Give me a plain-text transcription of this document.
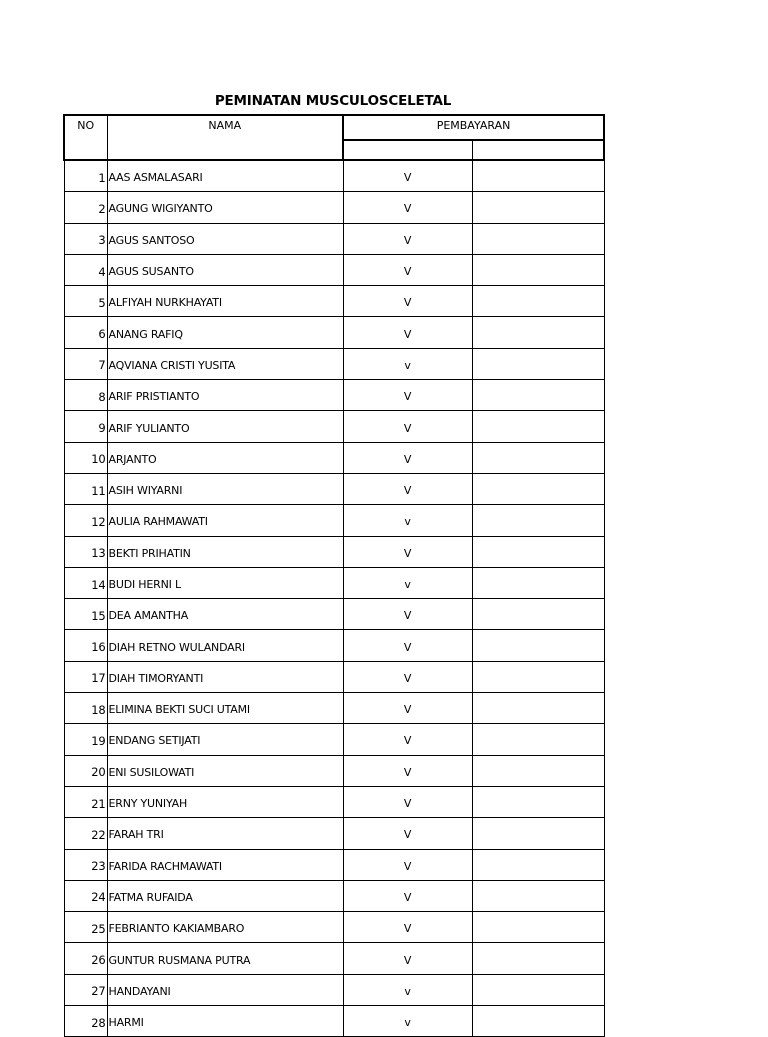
PEMINATAN MUSCULOSCELETAL
NO	NAMA	PEMBAYARAN	

1	AAS ASMALASARI	V	
2	AGUNG WIGIYANTO	V	
3	AGUS SANTOSO	V	
4	AGUS SUSANTO	V	
5	ALFIYAH NURKHAYATI	V	
6	ANANG RAFIQ	V	
7	AQVIANA CRISTI YUSITA	v	
8	ARIF PRISTIANTO	V	
9	ARIF YULIANTO	V	
10	ARJANTO	V	
11	ASIH WIYARNI	V	
12	AULIA RAHMAWATI	v	
13	BEKTI PRIHATIN	V	
14	BUDI HERNI L	v	
15	DEA AMANTHA	V	
16	DIAH RETNO WULANDARI	V	
17	DIAH TIMORYANTI	V	
18	ELIMINA BEKTI SUCI UTAMI	V	
19	ENDANG SETIJATI	V	
20	ENI SUSILOWATI	V	
21	ERNY YUNIYAH	V	
22	FARAH TRI	V	
23	FARIDA RACHMAWATI	V	
24	FATMA RUFAIDA	V	
25	FEBRIANTO KAKIAMBARO	V	
26	GUNTUR RUSMANA PUTRA	V	
27	HANDAYANI	v	
28	HARMI	v	
